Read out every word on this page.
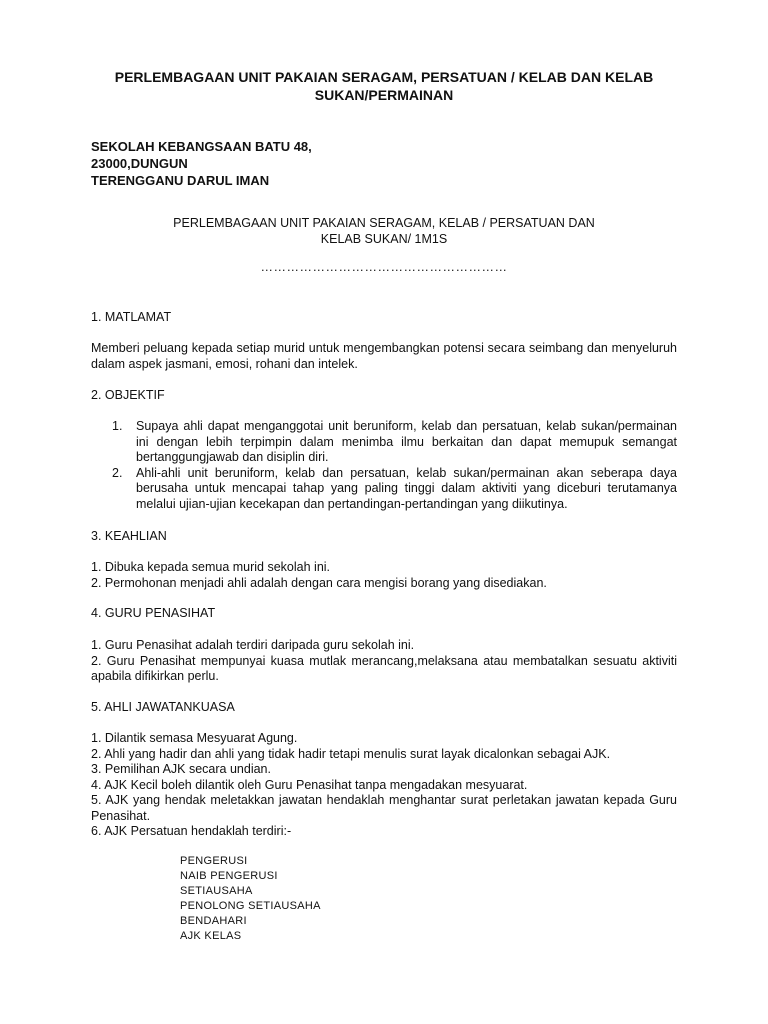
PERLEMBAGAAN UNIT PAKAIAN SERAGAM, PERSATUAN / KELAB DAN KELAB
SUKAN/PERMAINAN
SEKOLAH KEBANGSAAN BATU 48,
23000,DUNGUN
TERENGGANU DARUL IMAN
PERLEMBAGAAN UNIT PAKAIAN SERAGAM, KELAB / PERSATUAN DAN
KELAB SUKAN/ 1M1S
…………………………………………………
1. MATLAMAT
Memberi peluang kepada setiap murid untuk mengembangkan potensi secara seimbang dan menyeluruh dalam aspek jasmani, emosi, rohani dan intelek.
2. OBJEKTIF
1. Supaya ahli dapat menganggotai unit beruniform, kelab dan persatuan, kelab sukan/permainan ini dengan lebih terpimpin dalam menimba ilmu berkaitan dan dapat memupuk semangat bertanggungjawab dan disiplin diri.
2. Ahli-ahli unit beruniform, kelab dan persatuan, kelab sukan/permainan akan seberapa daya berusaha untuk mencapai tahap yang paling tinggi dalam aktiviti yang diceburi terutamanya melalui ujian-ujian kecekapan dan pertandingan-pertandingan yang diikutinya.
3. KEAHLIAN
1. Dibuka kepada semua murid sekolah ini.
2. Permohonan menjadi ahli adalah dengan cara mengisi borang yang disediakan.
4. GURU PENASIHAT
1. Guru Penasihat adalah terdiri daripada guru sekolah ini.
2. Guru Penasihat mempunyai kuasa mutlak merancang,melaksana atau membatalkan sesuatu aktiviti apabila difikirkan perlu.
5. AHLI JAWATANKUASA
1. Dilantik semasa Mesyuarat Agung.
2. Ahli yang hadir dan ahli yang tidak hadir tetapi menulis surat layak dicalonkan sebagai AJK.
3. Pemilihan AJK secara undian.
4. AJK Kecil boleh dilantik oleh Guru Penasihat tanpa mengadakan mesyuarat.
5. AJK yang hendak meletakkan jawatan hendaklah menghantar surat perletakan jawatan kepada Guru Penasihat.
6. AJK Persatuan hendaklah terdiri:-
PENGERUSI
NAIB PENGERUSI
SETIAUSAHA
PENOLONG SETIAUSAHA
BENDAHARI
AJK KELAS
